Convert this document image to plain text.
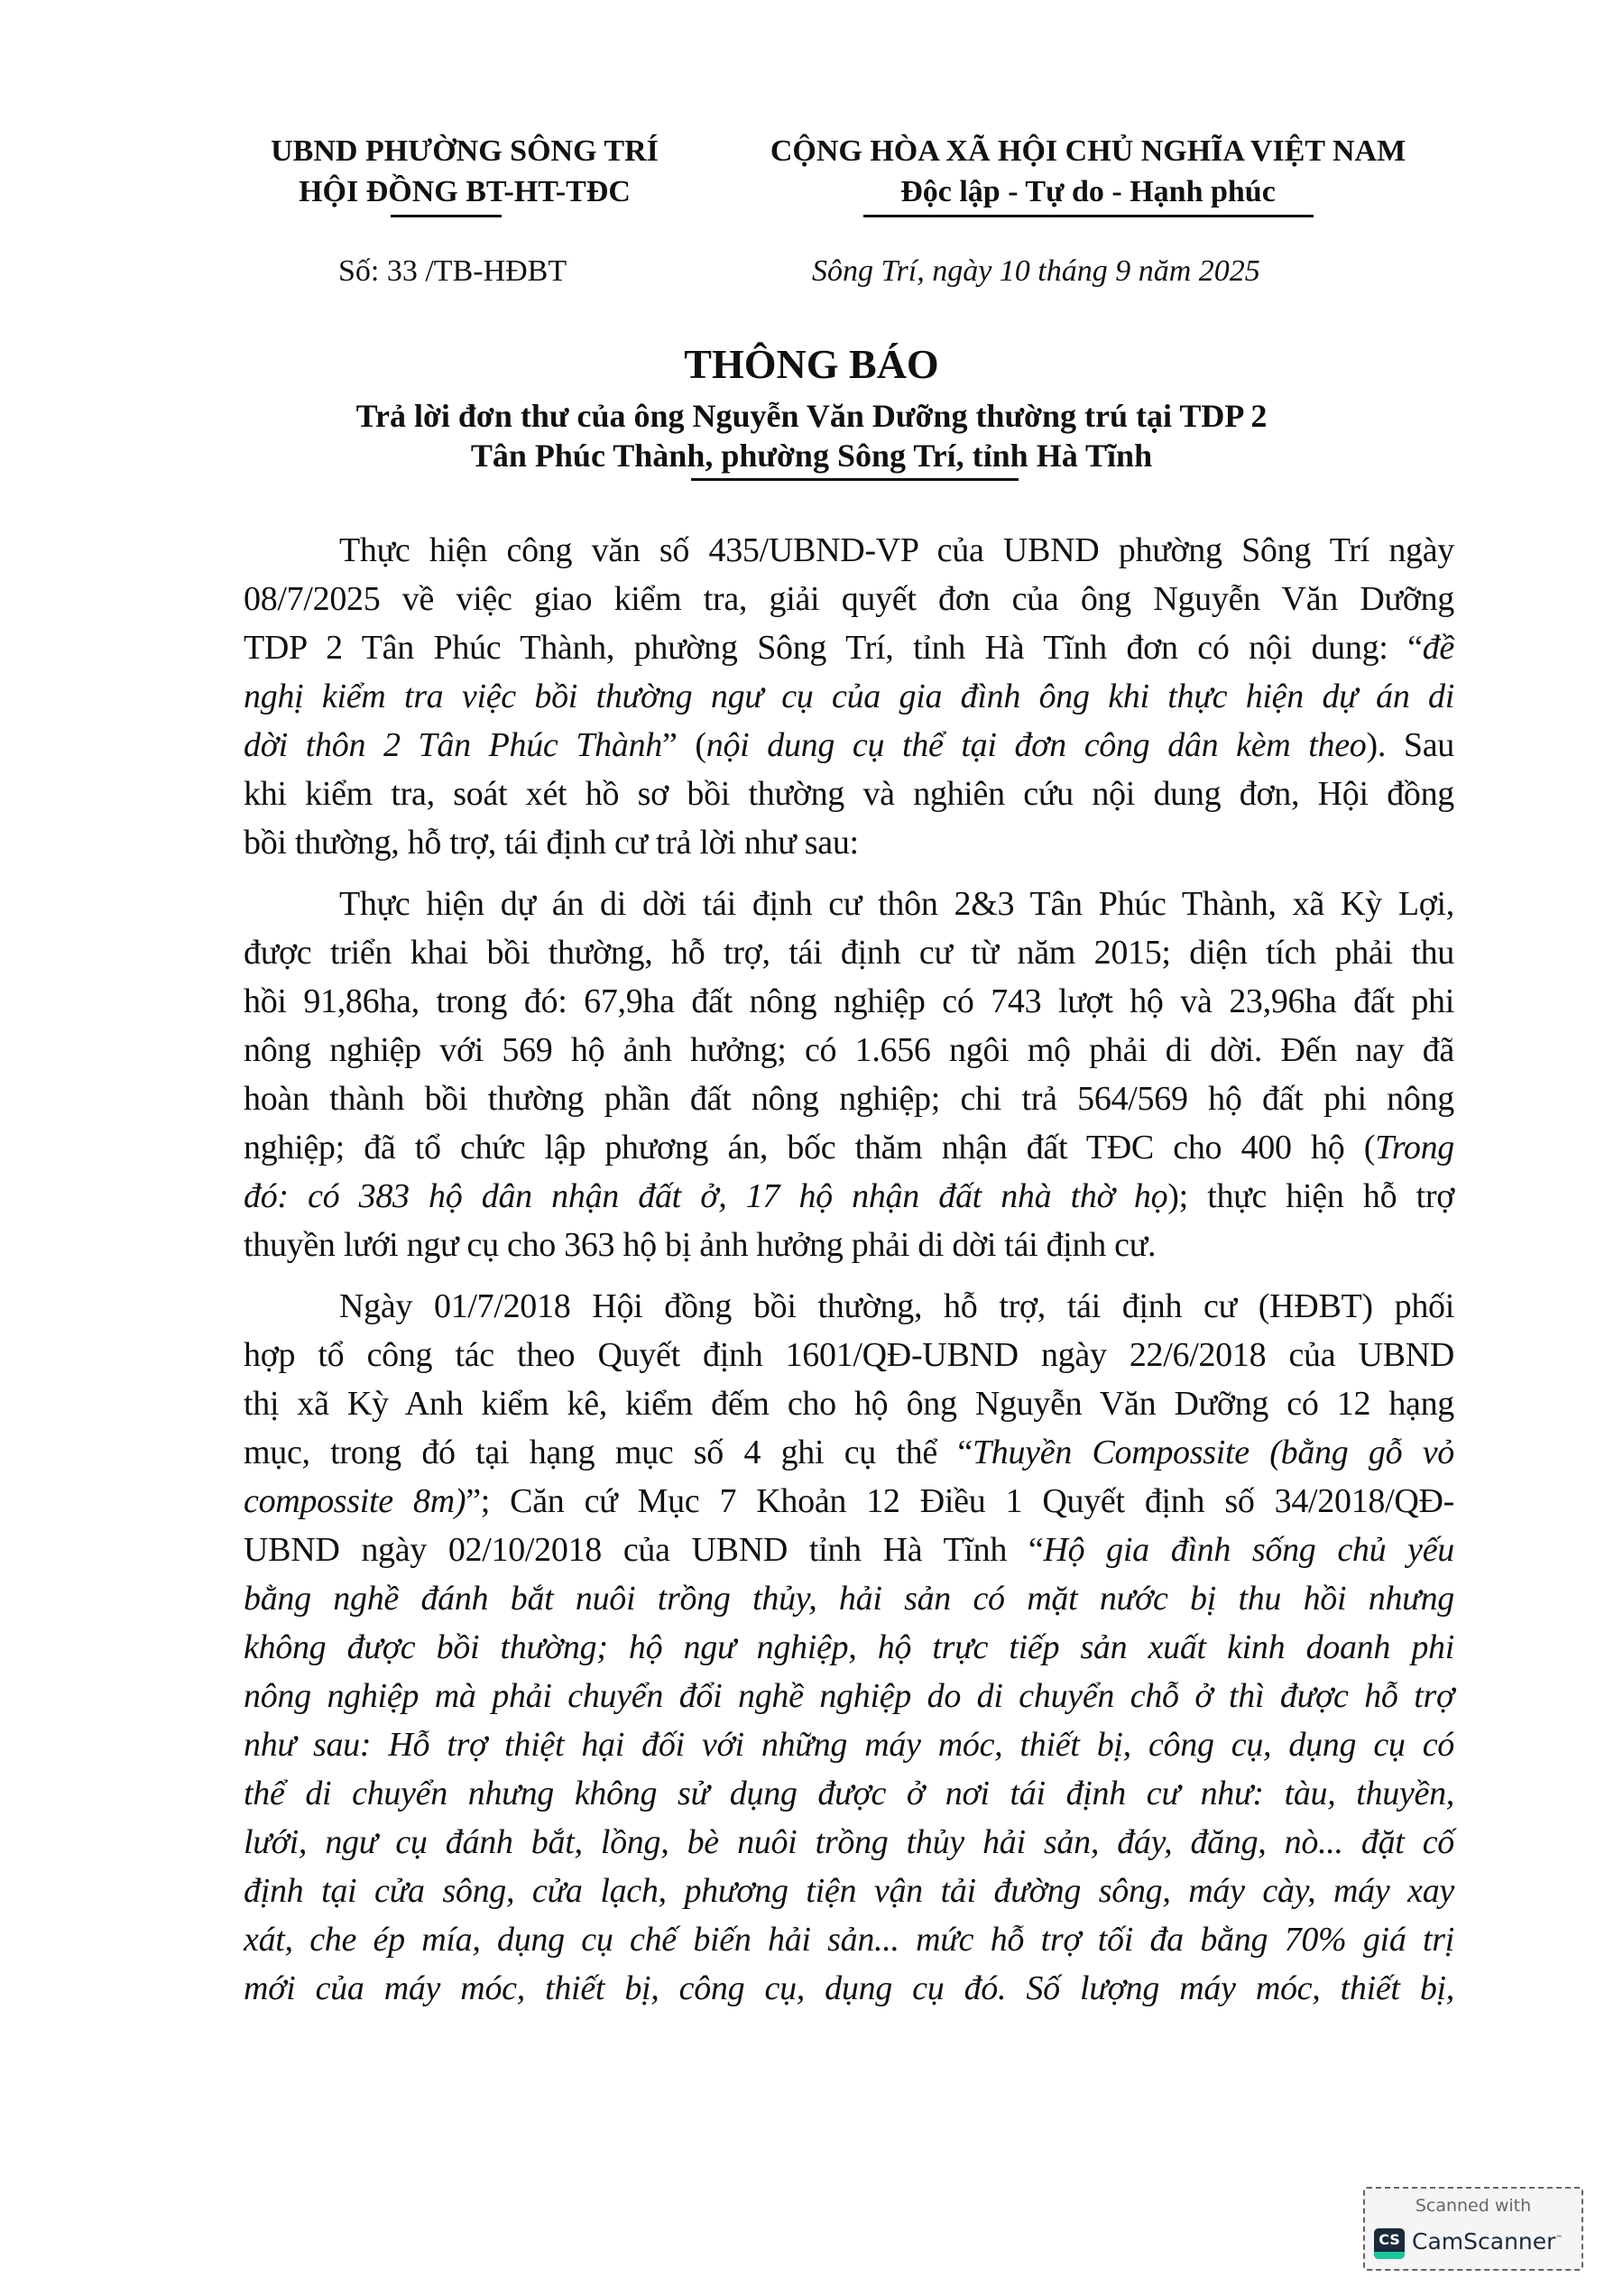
UBND PHƯỜNG SÔNG TRÍ
HỘI ĐỒNG BT-HT-TĐC
CỘNG HÒA XÃ HỘI CHỦ NGHĨA VIỆT NAM
Độc lập - Tự do - Hạnh phúc
Số: 33 /TB-HĐBT	Sông Trí, ngày 10 tháng 9 năm 2025
THÔNG BÁO
Trả lời đơn thư của ông Nguyễn Văn Dưỡng thường trú tại TDP 2
Tân Phúc Thành, phường Sông Trí, tỉnh Hà Tĩnh
Thực hiện công văn số 435/UBND-VP của UBND phường Sông Trí ngày
08/7/2025 về việc giao kiểm tra, giải quyết đơn của ông Nguyễn Văn Dưỡng
TDP 2 Tân Phúc Thành, phường Sông Trí, tỉnh Hà Tĩnh đơn có nội dung: “đề
nghị kiểm tra việc bồi thường ngư cụ của gia đình ông khi thực hiện dự án di
dời thôn 2 Tân Phúc Thành” (nội dung cụ thể tại đơn công dân kèm theo). Sau
khi kiểm tra, soát xét hồ sơ bồi thường và nghiên cứu nội dung đơn, Hội đồng
bồi thường, hỗ trợ, tái định cư trả lời như sau:
Thực hiện dự án di dời tái định cư thôn 2&3 Tân Phúc Thành, xã Kỳ Lợi,
được triển khai bồi thường, hỗ trợ, tái định cư từ năm 2015; diện tích phải thu
hồi 91,86ha, trong đó: 67,9ha đất nông nghiệp có 743 lượt hộ và 23,96ha đất phi
nông nghiệp với 569 hộ ảnh hưởng; có 1.656 ngôi mộ phải di dời. Đến nay đã
hoàn thành bồi thường phần đất nông nghiệp; chi trả 564/569 hộ đất phi nông
nghiệp; đã tổ chức lập phương án, bốc thăm nhận đất TĐC cho 400 hộ (Trong
đó: có 383 hộ dân nhận đất ở, 17 hộ nhận đất nhà thờ họ); thực hiện hỗ trợ
thuyền lưới ngư cụ cho 363 hộ bị ảnh hưởng phải di dời tái định cư.
Ngày 01/7/2018 Hội đồng bồi thường, hỗ trợ, tái định cư (HĐBT) phối
hợp tổ công tác theo Quyết định 1601/QĐ-UBND ngày 22/6/2018 của UBND
thị xã Kỳ Anh kiểm kê, kiểm đếm cho hộ ông Nguyễn Văn Dưỡng có 12 hạng
mục, trong đó tại hạng mục số 4 ghi cụ thể “Thuyền Compossite (bằng gỗ vỏ
compossite 8m)”; Căn cứ Mục 7 Khoản 12 Điều 1 Quyết định số 34/2018/QĐ-
UBND ngày 02/10/2018 của UBND tỉnh Hà Tĩnh “Hộ gia đình sống chủ yếu
bằng nghề đánh bắt nuôi trồng thủy, hải sản có mặt nước bị thu hồi nhưng
không được bồi thường; hộ ngư nghiệp, hộ trực tiếp sản xuất kinh doanh phi
nông nghiệp mà phải chuyển đổi nghề nghiệp do di chuyển chỗ ở thì được hỗ trợ
như sau: Hỗ trợ thiệt hại đối với những máy móc, thiết bị, công cụ, dụng cụ có
thể di chuyển nhưng không sử dụng được ở nơi tái định cư như: tàu, thuyền,
lưới, ngư cụ đánh bắt, lồng, bè nuôi trồng thủy hải sản, đáy, đăng, nò... đặt cố
định tại cửa sông, cửa lạch, phương tiện vận tải đường sông, máy cày, máy xay
xát, che ép mía, dụng cụ chế biến hải sản... mức hỗ trợ tối đa bằng 70% giá trị
mới của máy móc, thiết bị, công cụ, dụng cụ đó. Số lượng máy móc, thiết bị,
Scanned with
CS CamScanner™
